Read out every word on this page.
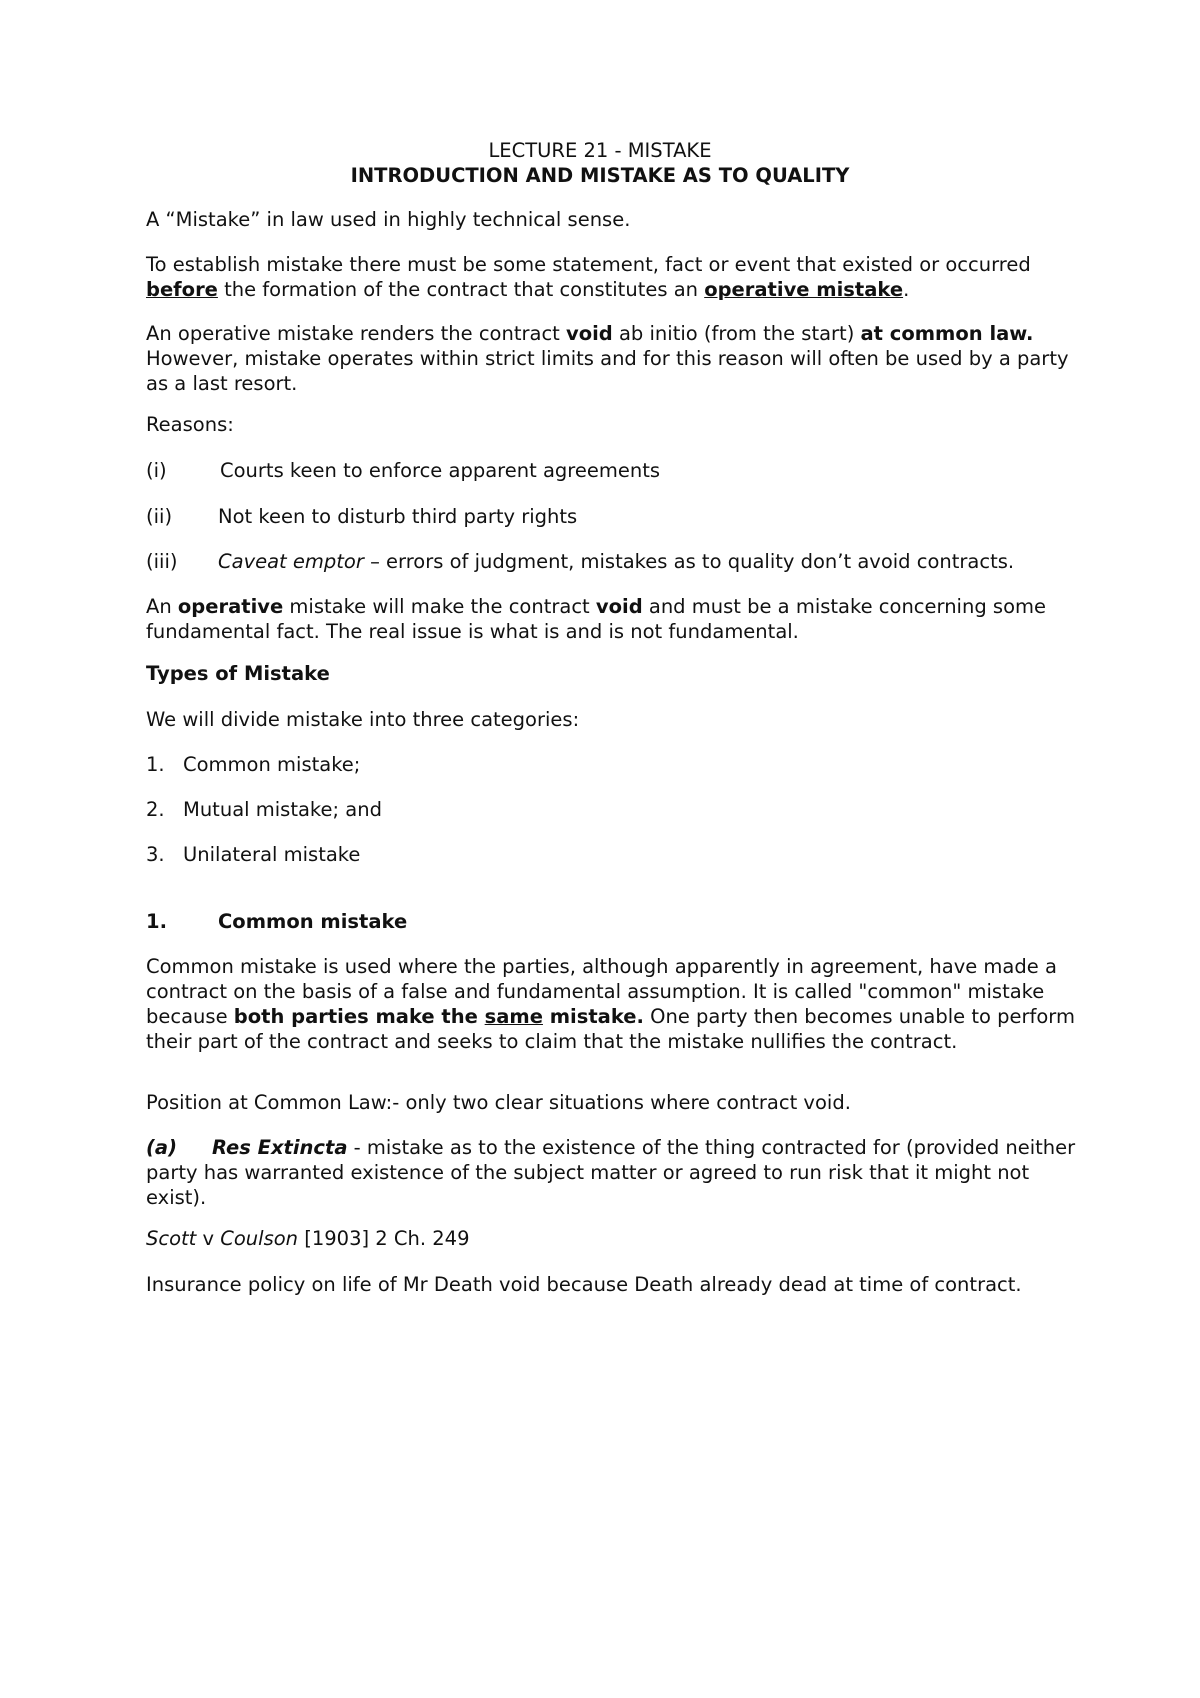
LECTURE 21 - MISTAKE
INTRODUCTION AND MISTAKE AS TO QUALITY

A “Mistake” in law used in highly technical sense.

To establish mistake there must be some statement, fact or event that existed or occurred before the formation of the contract that constitutes an operative mistake.

An operative mistake renders the contract void ab initio (from the start) at common law. However, mistake operates within strict limits and for this reason will often be used by a party as a last resort.

Reasons:

(i)	Courts keen to enforce apparent agreements
(ii) Not keen to disturb third party rights
(iii) Caveat emptor – errors of judgment, mistakes as to quality don’t avoid contracts.

An operative mistake will make the contract void and must be a mistake concerning some fundamental fact. The real issue is what is and is not fundamental.

Types of Mistake

We will divide mistake into three categories:

1. Common mistake;
2. Mutual mistake; and
3. Unilateral mistake
1.	Common mistake

Common mistake is used where the parties, although apparently in agreement, have made a contract on the basis of a false and fundamental assumption. It is called "common" mistake because both parties make the same mistake. One party then becomes unable to perform their part of the contract and seeks to claim that the mistake nullifies the contract.

Position at Common Law:- only two clear situations where contract void.

(a) Res Extincta - mistake as to the existence of the thing contracted for (provided neither party has warranted existence of the subject matter or agreed to run risk that it might not exist).

Scott v Coulson [1903] 2 Ch. 249

Insurance policy on life of Mr Death void because Death already dead at time of contract.
